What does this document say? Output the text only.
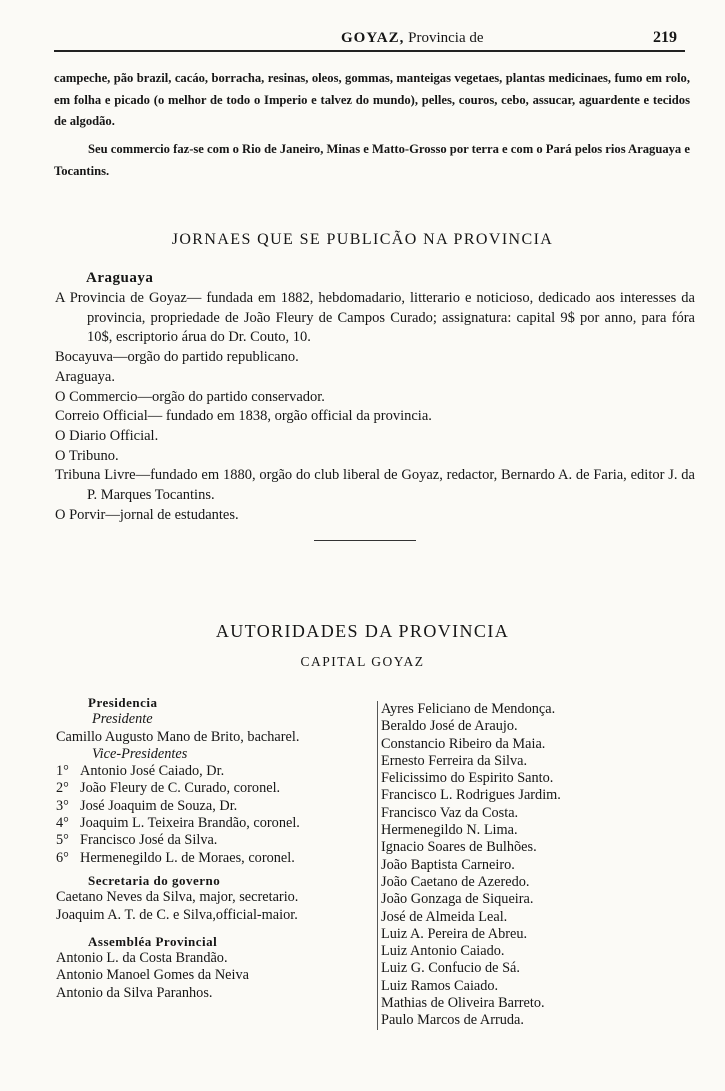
GOYAZ, Provincia de	219
campeche, pão brazil, cacáo, borracha, resinas, oleos, gommas, manteigas vegetaes, plantas medicinaes, fumo em rolo, em folha e picado (o melhor de todo o Imperio e talvez do mundo), pelles, couros, cebo, assucar, aguardente e tecidos de algodão.
Seu commercio faz-se com o Rio de Janeiro, Minas e Matto-Grosso por terra e com o Pará pelos rios Araguaya e Tocantins.
JORNAES QUE SE PUBLICÃO NA PROVINCIA
Araguaya
A Provincia de Goyaz— fundada em 1882, hebdomadario, litterario e noticioso, dedicado aos interesses da provincia, propriedade de João Fleury de Campos Curado; assignatura: capital 9$ por anno, para fóra 10$, escriptorio árua do Dr. Couto, 10.
Bocayuva—orgão do partido republicano.
Araguaya.
O Commercio—orgão do partido conservador.
Correio Official— fundado em 1838, orgão official da provincia.
O Diario Official.
O Tribuno.
Tribuna Livre—fundado em 1880, orgão do club liberal de Goyaz, redactor, Bernardo A. de Faria, editor J. da P. Marques Tocantins.
O Porvir—jornal de estudantes.
AUTORIDADES DA PROVINCIA
CAPITAL GOYAZ
Presidencia
Presidente
Camillo Augusto Mano de Brito, bacharel.
Vice-Presidentes
1° Antonio José Caiado, Dr.
2° João Fleury de C. Curado, coronel.
3° José Joaquim de Souza, Dr.
4° Joaquim L. Teixeira Brandão, coronel.
5° Francisco José da Silva.
6° Hermenegildo L. de Moraes, coronel.
Secretaria do governo
Caetano Neves da Silva, major, secretario.
Joaquim A. T. de C. e Silva,official-maior.
Assembléa Provincial
Antonio L. da Costa Brandão.
Antonio Manoel Gomes da Neiva
Antonio da Silva Paranhos.
Ayres Feliciano de Mendonça.
Beraldo José de Araujo.
Constancio Ribeiro da Maia.
Ernesto Ferreira da Silva.
Felicissimo do Espirito Santo.
Francisco L. Rodrigues Jardim.
Francisco Vaz da Costa.
Hermenegildo N. Lima.
Ignacio Soares de Bulhões.
João Baptista Carneiro.
João Caetano de Azeredo.
João Gonzaga de Siqueira.
José de Almeida Leal.
Luiz A. Pereira de Abreu.
Luiz Antonio Caiado.
Luiz G. Confucio de Sá.
Luiz Ramos Caiado.
Mathias de Oliveira Barreto.
Paulo Marcos de Arruda.
